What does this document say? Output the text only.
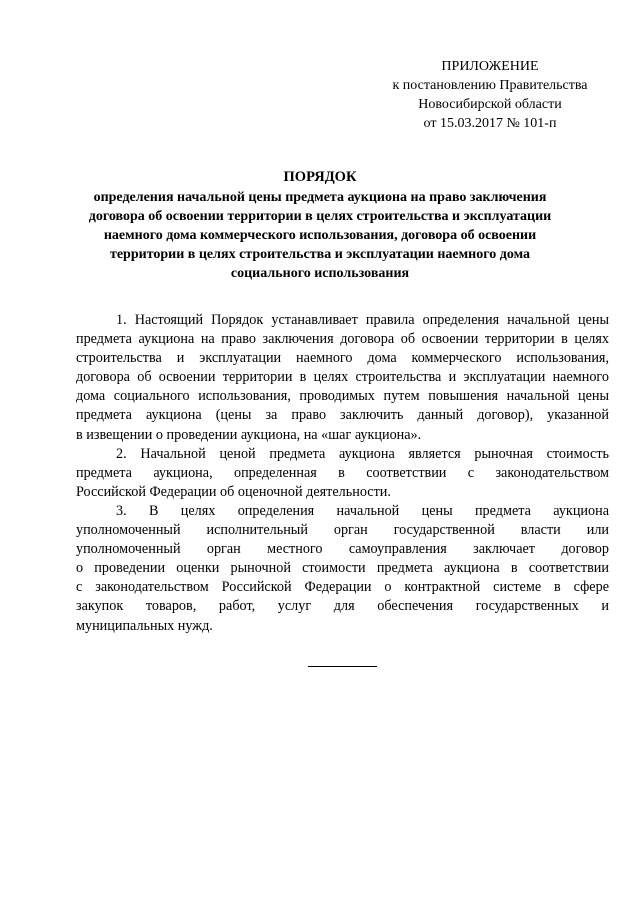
ПРИЛОЖЕНИЕ
к постановлению Правительства
Новосибирской области
от 15.03.2017 № 101-п
ПОРЯДОК
определения начальной цены предмета аукциона на право заключения
договора об освоении территории в целях строительства и эксплуатации
наемного дома коммерческого использования, договора об освоении
территории в целях строительства и эксплуатации наемного дома
социального использования
1. Настоящий Порядок устанавливает правила определения начальной цены
предмета аукциона на право заключения договора об освоении территории в целях
строительства и эксплуатации наемного дома коммерческого использования,
договора об освоении территории в целях строительства и эксплуатации наемного
дома социального использования, проводимых путем повышения начальной цены
предмета аукциона (цены за право заключить данный договор), указанной
в извещении о проведении аукциона, на «шаг аукциона».
2. Начальной ценой предмета аукциона является рыночная стоимость
предмета аукциона, определенная в соответствии с законодательством
Российской Федерации об оценочной деятельности.
3. В целях определения начальной цены предмета аукциона
уполномоченный исполнительный орган государственной власти или
уполномоченный орган местного самоуправления заключает договор
о проведении оценки рыночной стоимости предмета аукциона в соответствии
с законодательством Российской Федерации о контрактной системе в сфере
закупок товаров, работ, услуг для обеспечения государственных и
муниципальных нужд.
